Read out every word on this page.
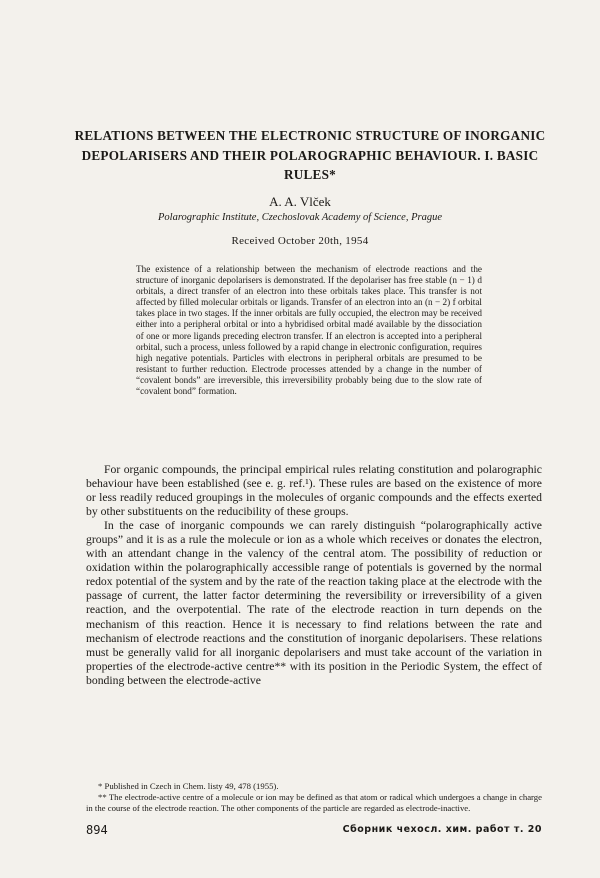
RELATIONS BETWEEN THE ELECTRONIC STRUCTURE OF INORGANIC DEPOLARISERS AND THEIR POLAROGRAPHIC BEHAVIOUR. I. BASIC RULES*
A. A. Vlček
Polarographic Institute, Czechoslovak Academy of Science, Prague
Received October 20th, 1954
The existence of a relationship between the mechanism of electrode reactions and the structure of inorganic depolarisers is demonstrated. If the depolariser has free stable (n − 1) d orbitals, a direct transfer of an electron into these orbitals takes place. This transfer is not affected by filled molecular orbitals or ligands. Transfer of an electron into an (n − 2) f orbital takes place in two stages. If the inner orbitals are fully occupied, the electron may be received either into a peripheral orbital or into a hybridised orbital madé available by the dissociation of one or more ligands preceding electron transfer. If an electron is accepted into a peripheral orbital, such a process, unless followed by a rapid change in electronic configuration, requires high negative potentials. Particles with electrons in peripheral orbitals are presumed to be resistant to further reduction. Electrode processes attended by a change in the number of “covalent bonds” are irreversible, this irreversibility probably being due to the slow rate of “covalent bond” formation.

For organic compounds, the principal empirical rules relating constitution and polarographic behaviour have been established (see e. g. ref.¹). These rules are based on the existence of more or less readily reduced groupings in the molecules of organic compounds and the effects exerted by other substituents on the reducibility of these groups.

In the case of inorganic compounds we can rarely distinguish “polarographically active groups” and it is as a rule the molecule or ion as a whole which receives or donates the electron, with an attendant change in the valency of the central atom. The possibility of reduction or oxidation within the polarographically accessible range of potentials is governed by the normal redox potential of the system and by the rate of the reaction taking place at the electrode with the passage of current, the latter factor determining the reversibility or irreversibility of a given reaction, and the overpotential. The rate of the electrode reaction in turn depends on the mechanism of this reaction. Hence it is necessary to find relations between the rate and mechanism of electrode reactions and the constitution of inorganic depolarisers. These relations must be generally valid for all inorganic depolarisers and must take account of the variation in properties of the electrode-active centre** with its position in the Periodic System, the effect of bonding between the electrode-active

* Published in Czech in Chem. listy 49, 478 (1955).

** The electrode-active centre of a molecule or ion may be defined as that atom or radical which undergoes a change in charge in the course of the electrode reaction. The other components of the particle are regarded as electrode-inactive.

894	Сборник чехосл. хим. работ т. 20
